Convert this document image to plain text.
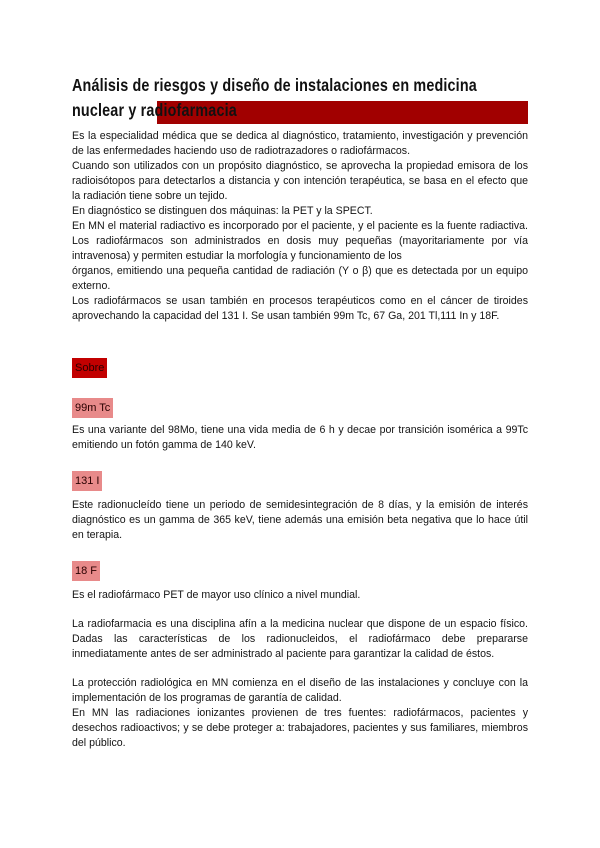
Análisis de riesgos y diseño de instalaciones en medicina nuclear y radiofarmacia

Es la especialidad médica que se dedica al diagnóstico, tratamiento, investigación y prevención de las enfermedades haciendo uso de radiotrazadores o radiofármacos.

Cuando son utilizados con un propósito diagnóstico, se aprovecha la propiedad emisora de los radioisótopos para detectarlos a distancia y con intención terapéutica, se basa en el efecto que la radiación tiene sobre un tejido.

En diagnóstico se distinguen dos máquinas: la PET y la SPECT.

En MN el material radiactivo es incorporado por el paciente, y el paciente es la fuente radiactiva. Los radiofármacos son administrados en dosis muy pequeñas (mayoritariamente por vía intravenosa) y permiten estudiar la morfología y funcionamiento de los

órganos, emitiendo una pequeña cantidad de radiación (Y o β) que es detectada por un equipo externo.

Los radiofármacos se usan también en procesos terapéuticos como en el cáncer de tiroides aprovechando la capacidad del 131 I. Se usan también 99m Tc, 67 Ga, 201 Tl,111 In y 18F.

Sobre
99m Tc

Es una variante del 98Mo, tiene una vida media de 6 h y decae por transición isomérica a 99Tc emitiendo un fotón gamma de 140 keV.

131 I

Este radionucleído tiene un periodo de semidesintegración de 8 días, y la emisión de interés diagnóstico es un gamma de 365 keV, tiene además una emisión beta negativa que lo hace útil en terapia.

18 F

Es el radiofármaco PET de mayor uso clínico a nivel mundial.

La radiofarmacia es una disciplina afín a la medicina nuclear que dispone de un espacio físico. Dadas las características de los radionucleidos, el radiofármaco debe prepararse inmediatamente antes de ser administrado al paciente para garantizar la calidad de éstos.

La protección radiológica en MN comienza en el diseño de las instalaciones y concluye con la implementación de los programas de garantía de calidad.

En MN las radiaciones ionizantes provienen de tres fuentes: radiofármacos, pacientes y desechos radioactivos; y se debe proteger a: trabajadores, pacientes y sus familiares, miembros del público.
